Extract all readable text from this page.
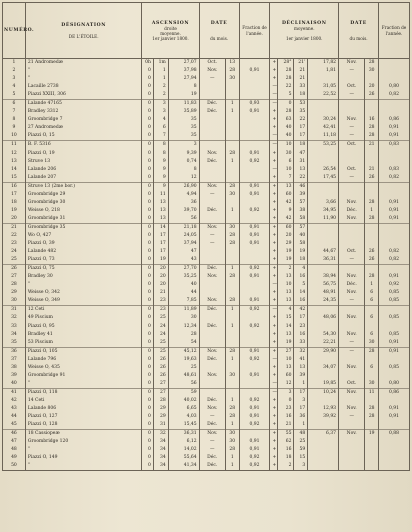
NUMÉRO.	DÉSIGNATION

DE L'ÉTOILE.	ASCENSION
droite
moyenne.
1er janvier 1800.			DATE

du mois.		Fraction de l'année.	DÉCLINAISON
moyenne.

1er janvier 1800.				DATE

du mois.		Fraction de l'année.
1	21 Andromedæ	0h	1m	27,07	Oct.	13		+	28°	21'	17,82	Nov.	28	
2	"	0	1	37,98	Nov.	28	0,91	+	28	21	1,81	—	30	
3	"	0	1	27,94	—	30		+	28	21				
4	Lacaille 2738	0	2	8				—	22	33	31,05	Oct.	20	0,80
5	Piazzi XXIII, 306	0	2	19				—	5	18	22,52	—	26	0,82
6	Lalande 47165	0	3	11,83	Déc.	1	0,93	—	0	53				
7	Bradley 3312	0	3	35,89	Déc.	1	0,91	+	28	35				
8	Groombridge 7	0	4	35				+	63	22	30,24	Nov.	16	0,86
9	27 Andromedæ	0	6	35				+	40	17	42,41	—	28	0,91
10	Piazzi O, 15	0	7	35				—	40	17	11,18	—	28	0,91
11	B. F. 5316	0	8	3				—	10	18	53,25	Oct.	21	0,83
12	Piazzi O, 19	0	8	9,39	Nov.	28	0,91	+	30	47				
13	Struve 13	0	9	0,74	Déc.	1	0,92	+	6	31				
14	Lalande 206	0	9	8				—	10	13	26,54	Oct.	21	0,83
15	Lalande 207	0	9	12				+	7	22	17,45	—	26	0,82
16	Struve 13 (2me bor.)	0	9	26,90	Nov.	28	0,91	+	13	46				
17	Groombridge 29	0	11	4,94	—	30	0,91	+	60	39				
18	Groombridge 30	0	13	36				+	42	57	3,66	Nov.	28	0,91
19	Weisse O, 218	0	13	39,70	Déc.	1	0,92	+	9	38	34,95	Déc.	1	0,91
20	Groombridge 31	0	13	56				+	42	58	11,90	Nov.	28	0,91
21	Groombridge 35	0	14	21,18	Nov.	30	0,91	+	60	57				
22	Wo O, 427	0	17	24,05	—	28	0,91	+	20	40				
23	Piazzi O, 39	0	17	37,94	—	28	0,91	+	29	58				
24	Lalande 482	0	17	47				+	19	19	44,67	Oct.	26	0,82
25	Piazzi O, 73	0	19	43				+	19	18	36,31	—	26	0,82
26	Piazzi O, 75	0	20	27,70	Déc.	1	0,92	+	2	4				
27	Bradley 30	0	20	35,25	Nov.	28	0,91	+	13	16	38,94	Nov.	28	0,91
28	"	0	20	40				—	10	5	56,75	Déc.	1	0,92
29	Weisse O, 342	0	21	44				+	13	14	48,91	Nov.	6	0,85
30	Weisse O, 349	0	23	7,85	Nov.	28	0,91	+	13	16	24,35	—	6	0,85
31	12 Ceti	0	23	11,89	Déc.	1	0,92	—	4	42				
32	49 Piscium	0	25	30				+	15	17	48,06	Nov.	6	0,85
33	Piazzi O, 95	0	24	12,34	Déc.	1	0,92	+	14	23				
34	Bradley 41	0	24	28				+	13	16	54,30	Nov.	6	0,85
35	53 Piscium	0	25	54				+	19	33	22,21	—	30	0,91
36	Piazzi O, 105	0	25	45,12	Nov.	28	0,91	+	27	32	29,90	—	28	0,91
37	Lalande 796	0	26	19,63	Déc.	1	0,92	—	10	41				
38	Weisse O, 435	0	26	25				+	13	13	34,07	Nov.	6	0,85
39	Groombridge 91	0	26	48,61	Nov.	30	0,91	+	60	39				
40	"	0	27	56				—	12	1	19,85	Oct.	30	0,80
41	Piazzi O, 118	0	27	59				—	3	17	10,24	Nov.	11	0,86
42	14 Ceti	0	28	40,02	Déc.	1	0,92	+	0	3				
43	Lalande 806	0	29	6,65	Nov.	28	0,91	+	23	17	12,93	Nov.	28	0,91
44	Piazzi O, 127	0	29	4,03	—	28	0,91	+	16	36	39,92	—	28	0,91
45	Piazzi O, 128	0	31	15,45	Déc.	1	0,92	+	21	1				
46	18 Cassiopeæ	0	32	36,31	Nov.	30		+	55	48	6,37	Nov.	19	0,88
47	Groombridge 120	0	34	6,12	—	30	0,91	+	62	25				
48	"	0	34	14,02	—	28	0,91	+	16	59				
49	Piazzi O, 149	0	34	55,64	Déc.	1	0,92	+	18	15				
50	"	0	34	41,34	Déc.	1	0,92	+	2	3				
